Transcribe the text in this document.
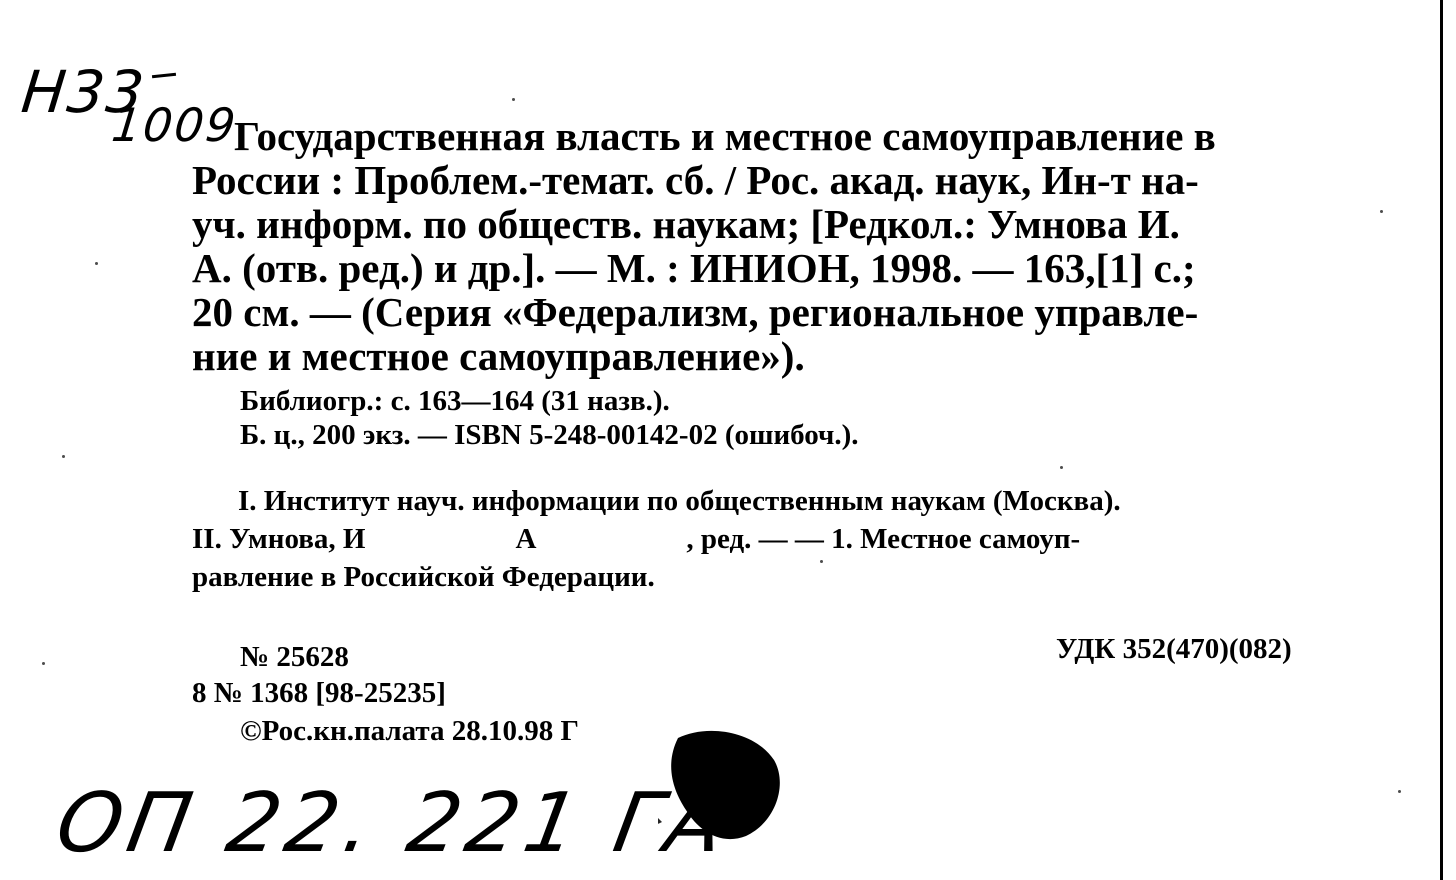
Н33
1009
Государственная власть и местное самоуправление в
России : Проблем.-темат. сб. / Рос. акад. наук, Ин-т на-
уч. информ. по обществ. наукам; [Редкол.: Умнова И.
А. (отв. ред.) и др.]. — М. : ИНИОН, 1998. — 163,[1] с.;
20 см. — (Серия «Федерализм, региональное управле-
ние и местное самоуправление»).
Библиогр.: с. 163—164 (31 назв.).
Б. ц., 200 экз. — ISBN 5-248-00142-02 (ошибоч.).
I. Институт науч. информации по общественным наукам (Москва).
II. Умнова, И	А	, ред. — — 1. Местное самоуп-
равление в Российской Федерации.
№ 25628	УДК 352(470)(082)
8 № 1368 [98-25235]
©Рос.кн.палата 28.10.98 Г
ОП 22. 221 ГА
